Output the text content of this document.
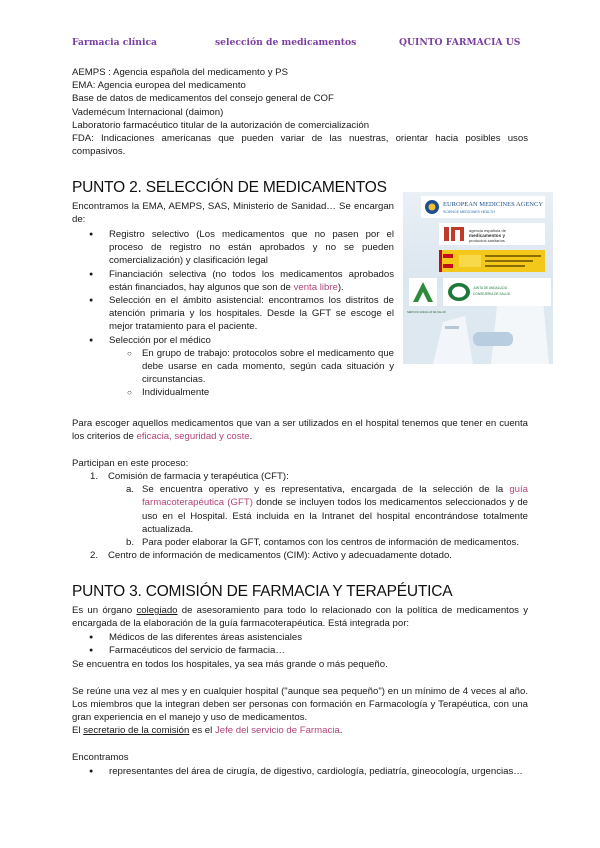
Farmacia clínica	selección de medicamentos	QUINTO FARMACIA US

AEMPS : Agencia española del medicamento y PS

EMA: Agencia europea del medicamento

Base de datos de medicamentos del consejo general de COF

Vademécum Internacional (daimon)

Laboratorio farmacéutico titular de la autorización de comercialización

FDA: Indicaciones americanas que pueden variar de las nuestras, orientar hacia posibles usos compasivos.

PUNTO 2. SELECCIÓN DE MEDICAMENTOS
Encontramos la EMA, AEMPS, SAS, Ministerio de Sanidad… Se encargan de:
● Registro selectivo (Los medicamentos que no pasen por el proceso de registro no están aprobados y no se pueden comercialización) y clasificación legal
● Financiación selectiva (no todos los medicamentos aprobados están financiados, hay algunos que son de venta libre).
● Selección en el ámbito asistencial: encontramos los distritos de atención primaria y los hospitales. Desde la GFT se escoge el mejor tratamiento para el paciente.
● Selección por el médico
○ En grupo de trabajo: protocolos sobre el medicamento que debe usarse en cada momento, según cada situación y circunstancias.
○ Individualmente
EUROPEAN MEDICINES AGENCY
SCIENCE MEDICINES HEALTH
agencia española de
medicamentos y
productos sanitarios
SERVICIO ANDALUZ DE SALUD
JUNTA DE ANDALUCIA
CONSEJERÍA DE SALUD
Para escoger aquellos medicamentos que van a ser utilizados en el hospital tenemos que tener en cuenta los criterios de eficacia, seguridad y coste.
Participan en este proceso:
1. Comisión de farmacia y terapéutica (CFT):
a. Se encuentra operativo y es representativa, encargada de la selección de la guía farmacoterapéutica (GFT) donde se incluyen todos los medicamentos seleccionados y de uso en el Hospital. Está incluida en la Intranet del hospital encontrándose totalmente actualizada.
b. Para poder elaborar la GFT, contamos con los centros de información de medicamentos.
2. Centro de información de medicamentos (CIM): Activo y adecuadamente dotado.
PUNTO 3. COMISIÓN DE FARMACIA Y TERAPÉUTICA
Es un órgano colegiado de asesoramiento para todo lo relacionado con la política de medicamentos y encargada de la elaboración de la guía farmacoterapéutica. Está integrada por:
● Médicos de las diferentes áreas asistenciales
● Farmacéuticos del servicio de farmacia…
Se encuentra en todos los hospitales, ya sea más grande o más pequeño.
Se reúne una vez al mes y en cualquier hospital ("aunque sea pequeño") en un mínimo de 4 veces al año. Los miembros que la integran deben ser personas con formación en Farmacología y Terapéutica, con una gran experiencia en el manejo y uso de medicamentos.
El secretario de la comisión es el Jefe del servicio de Farmacia.
Encontramos
● representantes del área de cirugía, de digestivo, cardiología, pediatría, gineocología, urgencias…
